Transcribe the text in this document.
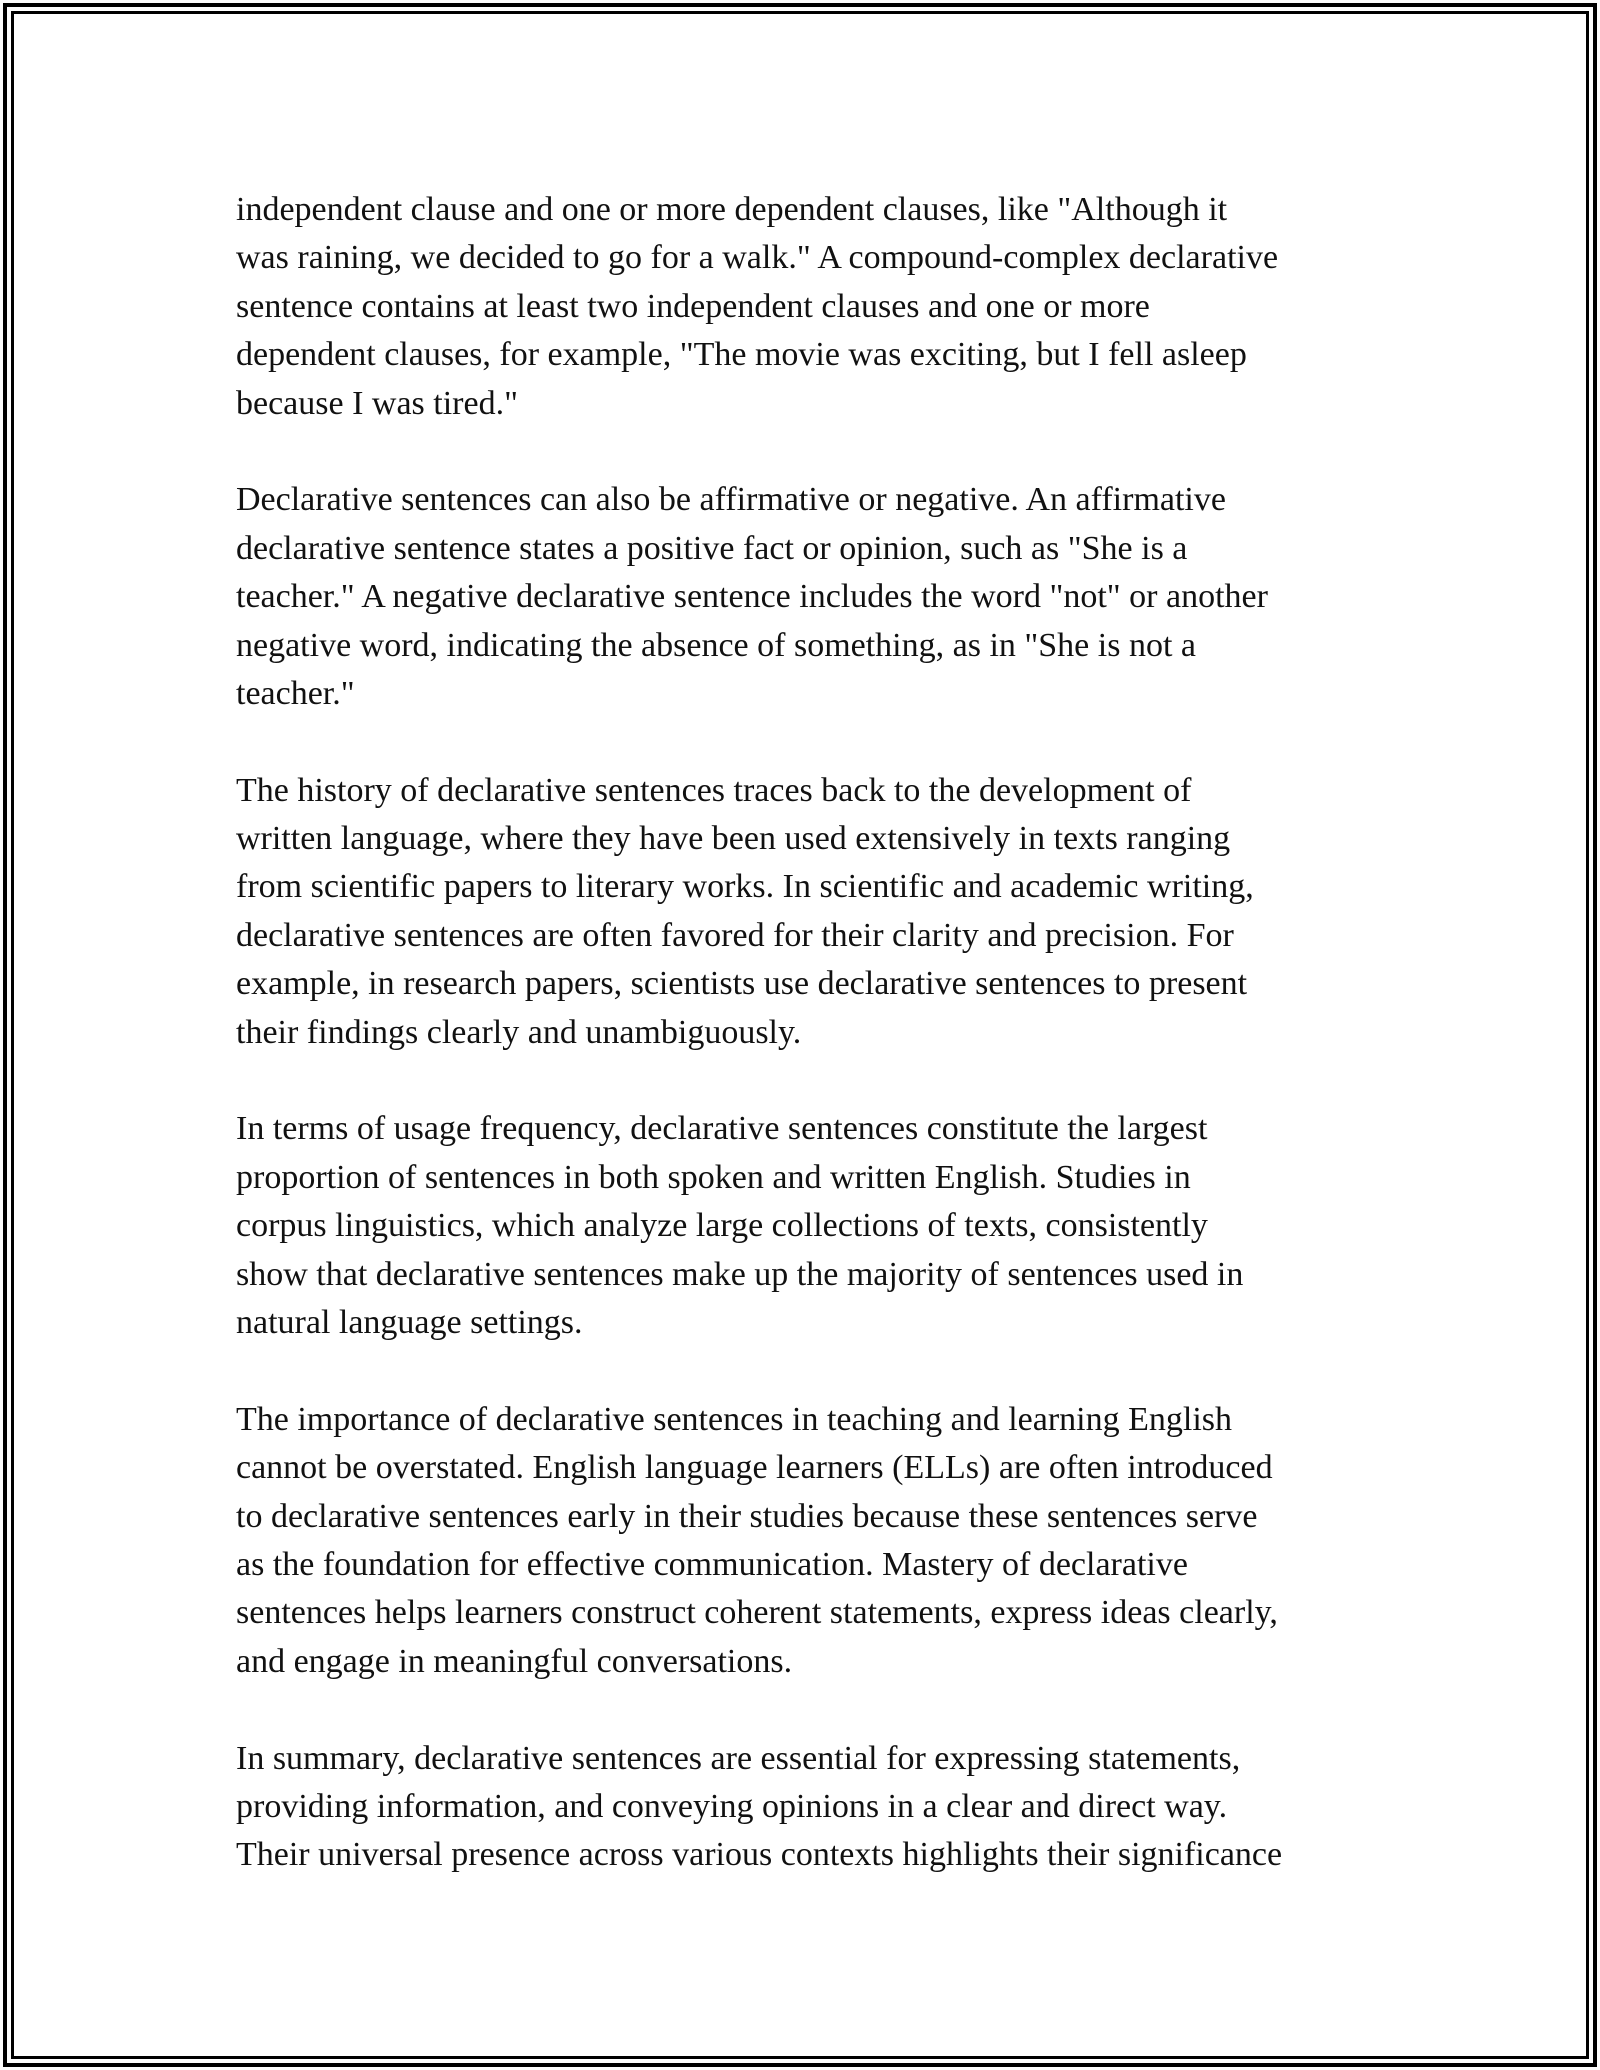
independent clause and one or more dependent clauses, like "Although it
was raining, we decided to go for a walk." A compound-complex declarative
sentence contains at least two independent clauses and one or more
dependent clauses, for example, "The movie was exciting, but I fell asleep
because I was tired."

Declarative sentences can also be affirmative or negative. An affirmative
declarative sentence states a positive fact or opinion, such as "She is a
teacher." A negative declarative sentence includes the word "not" or another
negative word, indicating the absence of something, as in "She is not a
teacher."

The history of declarative sentences traces back to the development of
written language, where they have been used extensively in texts ranging
from scientific papers to literary works. In scientific and academic writing,
declarative sentences are often favored for their clarity and precision. For
example, in research papers, scientists use declarative sentences to present
their findings clearly and unambiguously.

In terms of usage frequency, declarative sentences constitute the largest
proportion of sentences in both spoken and written English. Studies in
corpus linguistics, which analyze large collections of texts, consistently
show that declarative sentences make up the majority of sentences used in
natural language settings.

The importance of declarative sentences in teaching and learning English
cannot be overstated. English language learners (ELLs) are often introduced
to declarative sentences early in their studies because these sentences serve
as the foundation for effective communication. Mastery of declarative
sentences helps learners construct coherent statements, express ideas clearly,
and engage in meaningful conversations.

In summary, declarative sentences are essential for expressing statements,
providing information, and conveying opinions in a clear and direct way.
Their universal presence across various contexts highlights their significance
